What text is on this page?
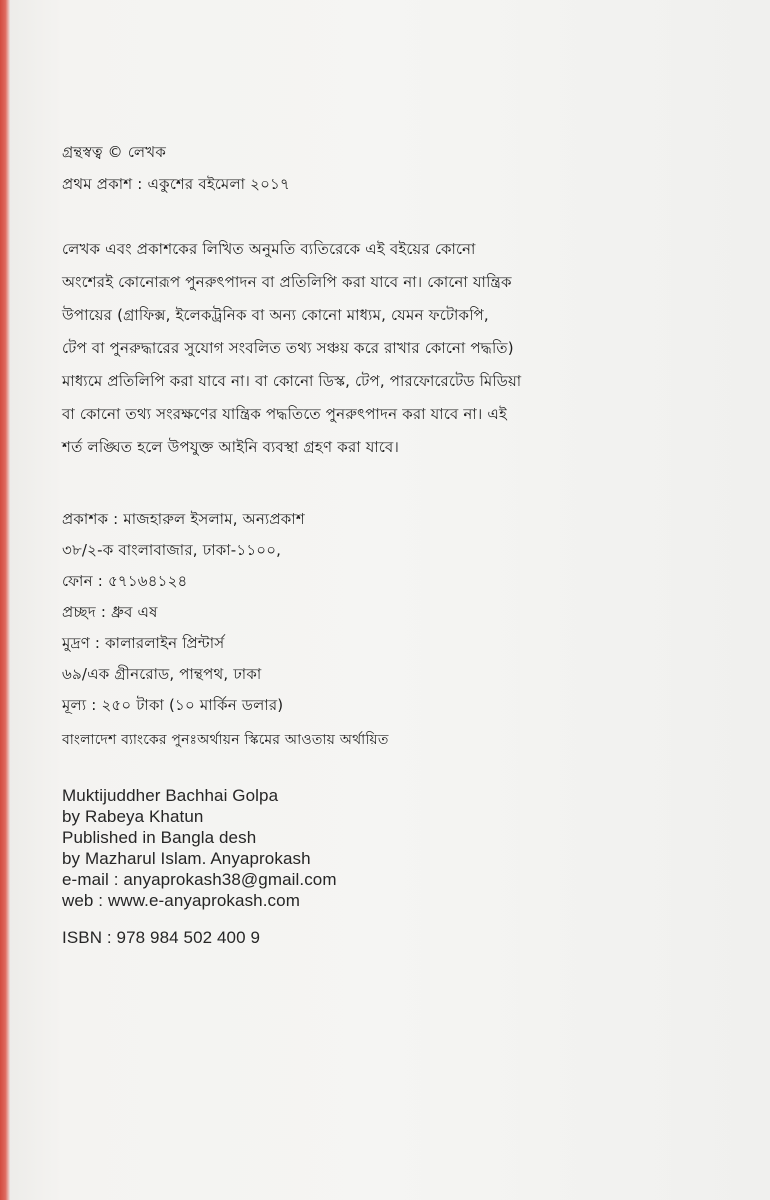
গ্রন্থস্বত্ব © লেখক
প্রথম প্রকাশ : একুশের বইমেলা ২০১৭
লেখক এবং প্রকাশকের লিখিত অনুমতি ব্যতিরেকে এই বইয়ের কোনো
অংশেরই কোনোরূপ পুনরুৎপাদন বা প্রতিলিপি করা যাবে না। কোনো যান্ত্রিক
উপায়ের (গ্রাফিক্স, ইলেকট্রনিক বা অন্য কোনো মাধ্যম, যেমন ফটোকপি,
টেপ বা পুনরুদ্ধারের সুযোগ সংবলিত তথ্য সঞ্চয় করে রাখার কোনো পদ্ধতি)
মাধ্যমে প্রতিলিপি করা যাবে না। বা কোনো ডিস্ক, টেপ, পারফোরেটেড মিডিয়া
বা কোনো তথ্য সংরক্ষণের যান্ত্রিক পদ্ধতিতে পুনরুৎপাদন করা যাবে না। এই
শর্ত লঙ্ঘিত হলে উপযুক্ত আইনি ব্যবস্থা গ্রহণ করা যাবে।
প্রকাশক : মাজহারুল ইসলাম, অন্যপ্রকাশ
৩৮/২-ক বাংলাবাজার, ঢাকা-১১০০,
ফোন : ৫৭১৬৪১২৪
প্রচ্ছদ : ধ্রুব এষ
মুদ্রণ : কালারলাইন প্রিন্টার্স
৬৯/এক গ্রীনরোড, পান্থপথ, ঢাকা
মূল্য : ২৫০ টাকা (১০ মার্কিন ডলার)
বাংলাদেশ ব্যাংকের পুনঃঅর্থায়ন স্কিমের আওতায় অর্থায়িত
Muktijuddher Bachhai Golpa
by Rabeya Khatun
Published in Bangla desh
by Mazharul Islam. Anyaprokash
e-mail : anyaprokash38@gmail.com
web : www.e-anyaprokash.com
ISBN : 978 984 502 400 9
